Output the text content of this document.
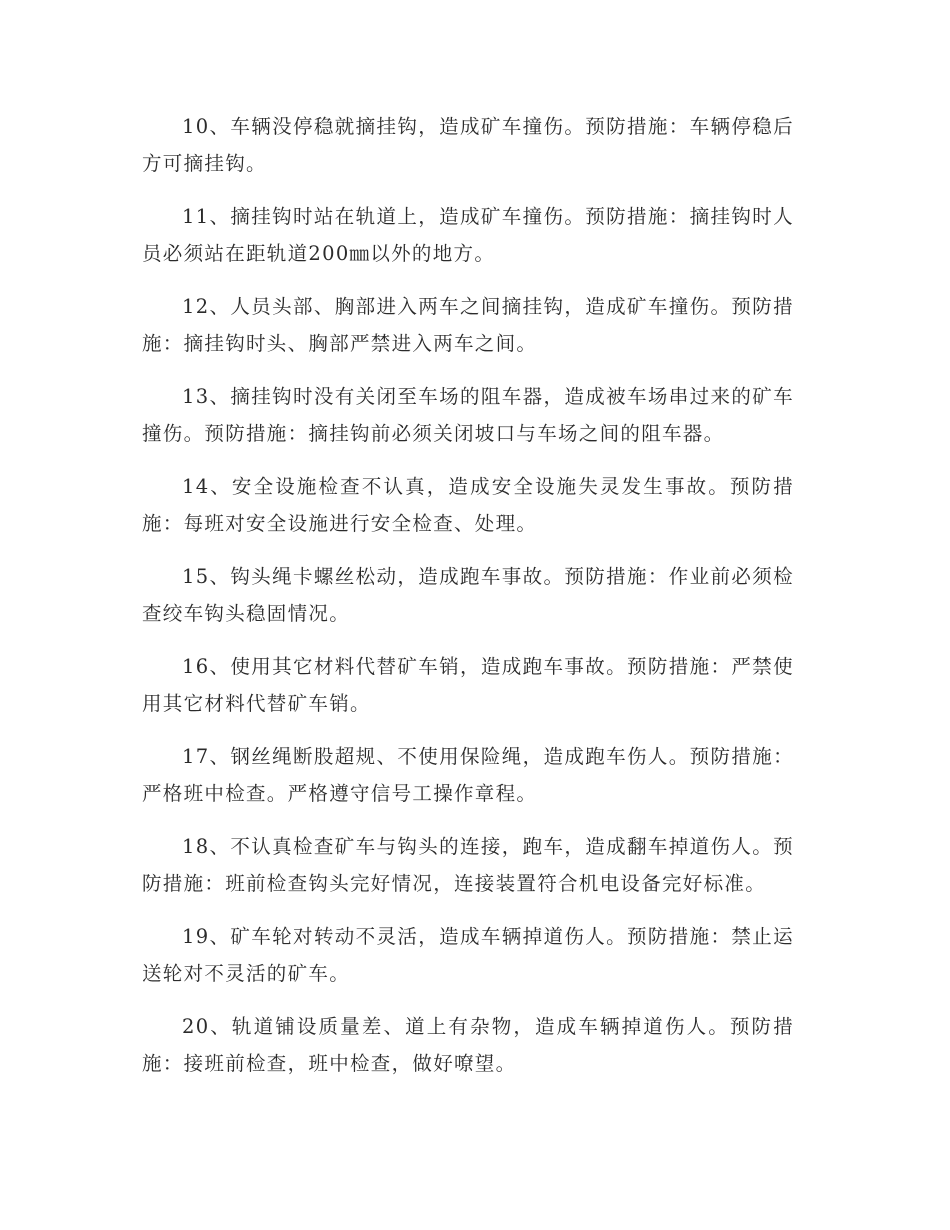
10、车辆没停稳就摘挂钩，造成矿车撞伤。预防措施：车辆停稳后方可摘挂钩。

11、摘挂钩时站在轨道上，造成矿车撞伤。预防措施：摘挂钩时人员必须站在距轨道200㎜以外的地方。

12、人员头部、胸部进入两车之间摘挂钩，造成矿车撞伤。预防措施：摘挂钩时头、胸部严禁进入两车之间。

13、摘挂钩时没有关闭至车场的阻车器，造成被车场串过来的矿车撞伤。预防措施：摘挂钩前必须关闭坡口与车场之间的阻车器。

14、安全设施检查不认真，造成安全设施失灵发生事故。预防措施：每班对安全设施进行安全检查、处理。

15、钩头绳卡螺丝松动，造成跑车事故。预防措施：作业前必须检查绞车钩头稳固情况。

16、使用其它材料代替矿车销，造成跑车事故。预防措施：严禁使用其它材料代替矿车销。

17、钢丝绳断股超规、不使用保险绳，造成跑车伤人。预防措施：严格班中检查。严格遵守信号工操作章程。

18、不认真检查矿车与钩头的连接，跑车，造成翻车掉道伤人。预防措施：班前检查钩头完好情况，连接装置符合机电设备完好标准。

19、矿车轮对转动不灵活，造成车辆掉道伤人。预防措施：禁止运送轮对不灵活的矿车。

20、轨道铺设质量差、道上有杂物，造成车辆掉道伤人。预防措施：接班前检查，班中检查，做好嘹望。
